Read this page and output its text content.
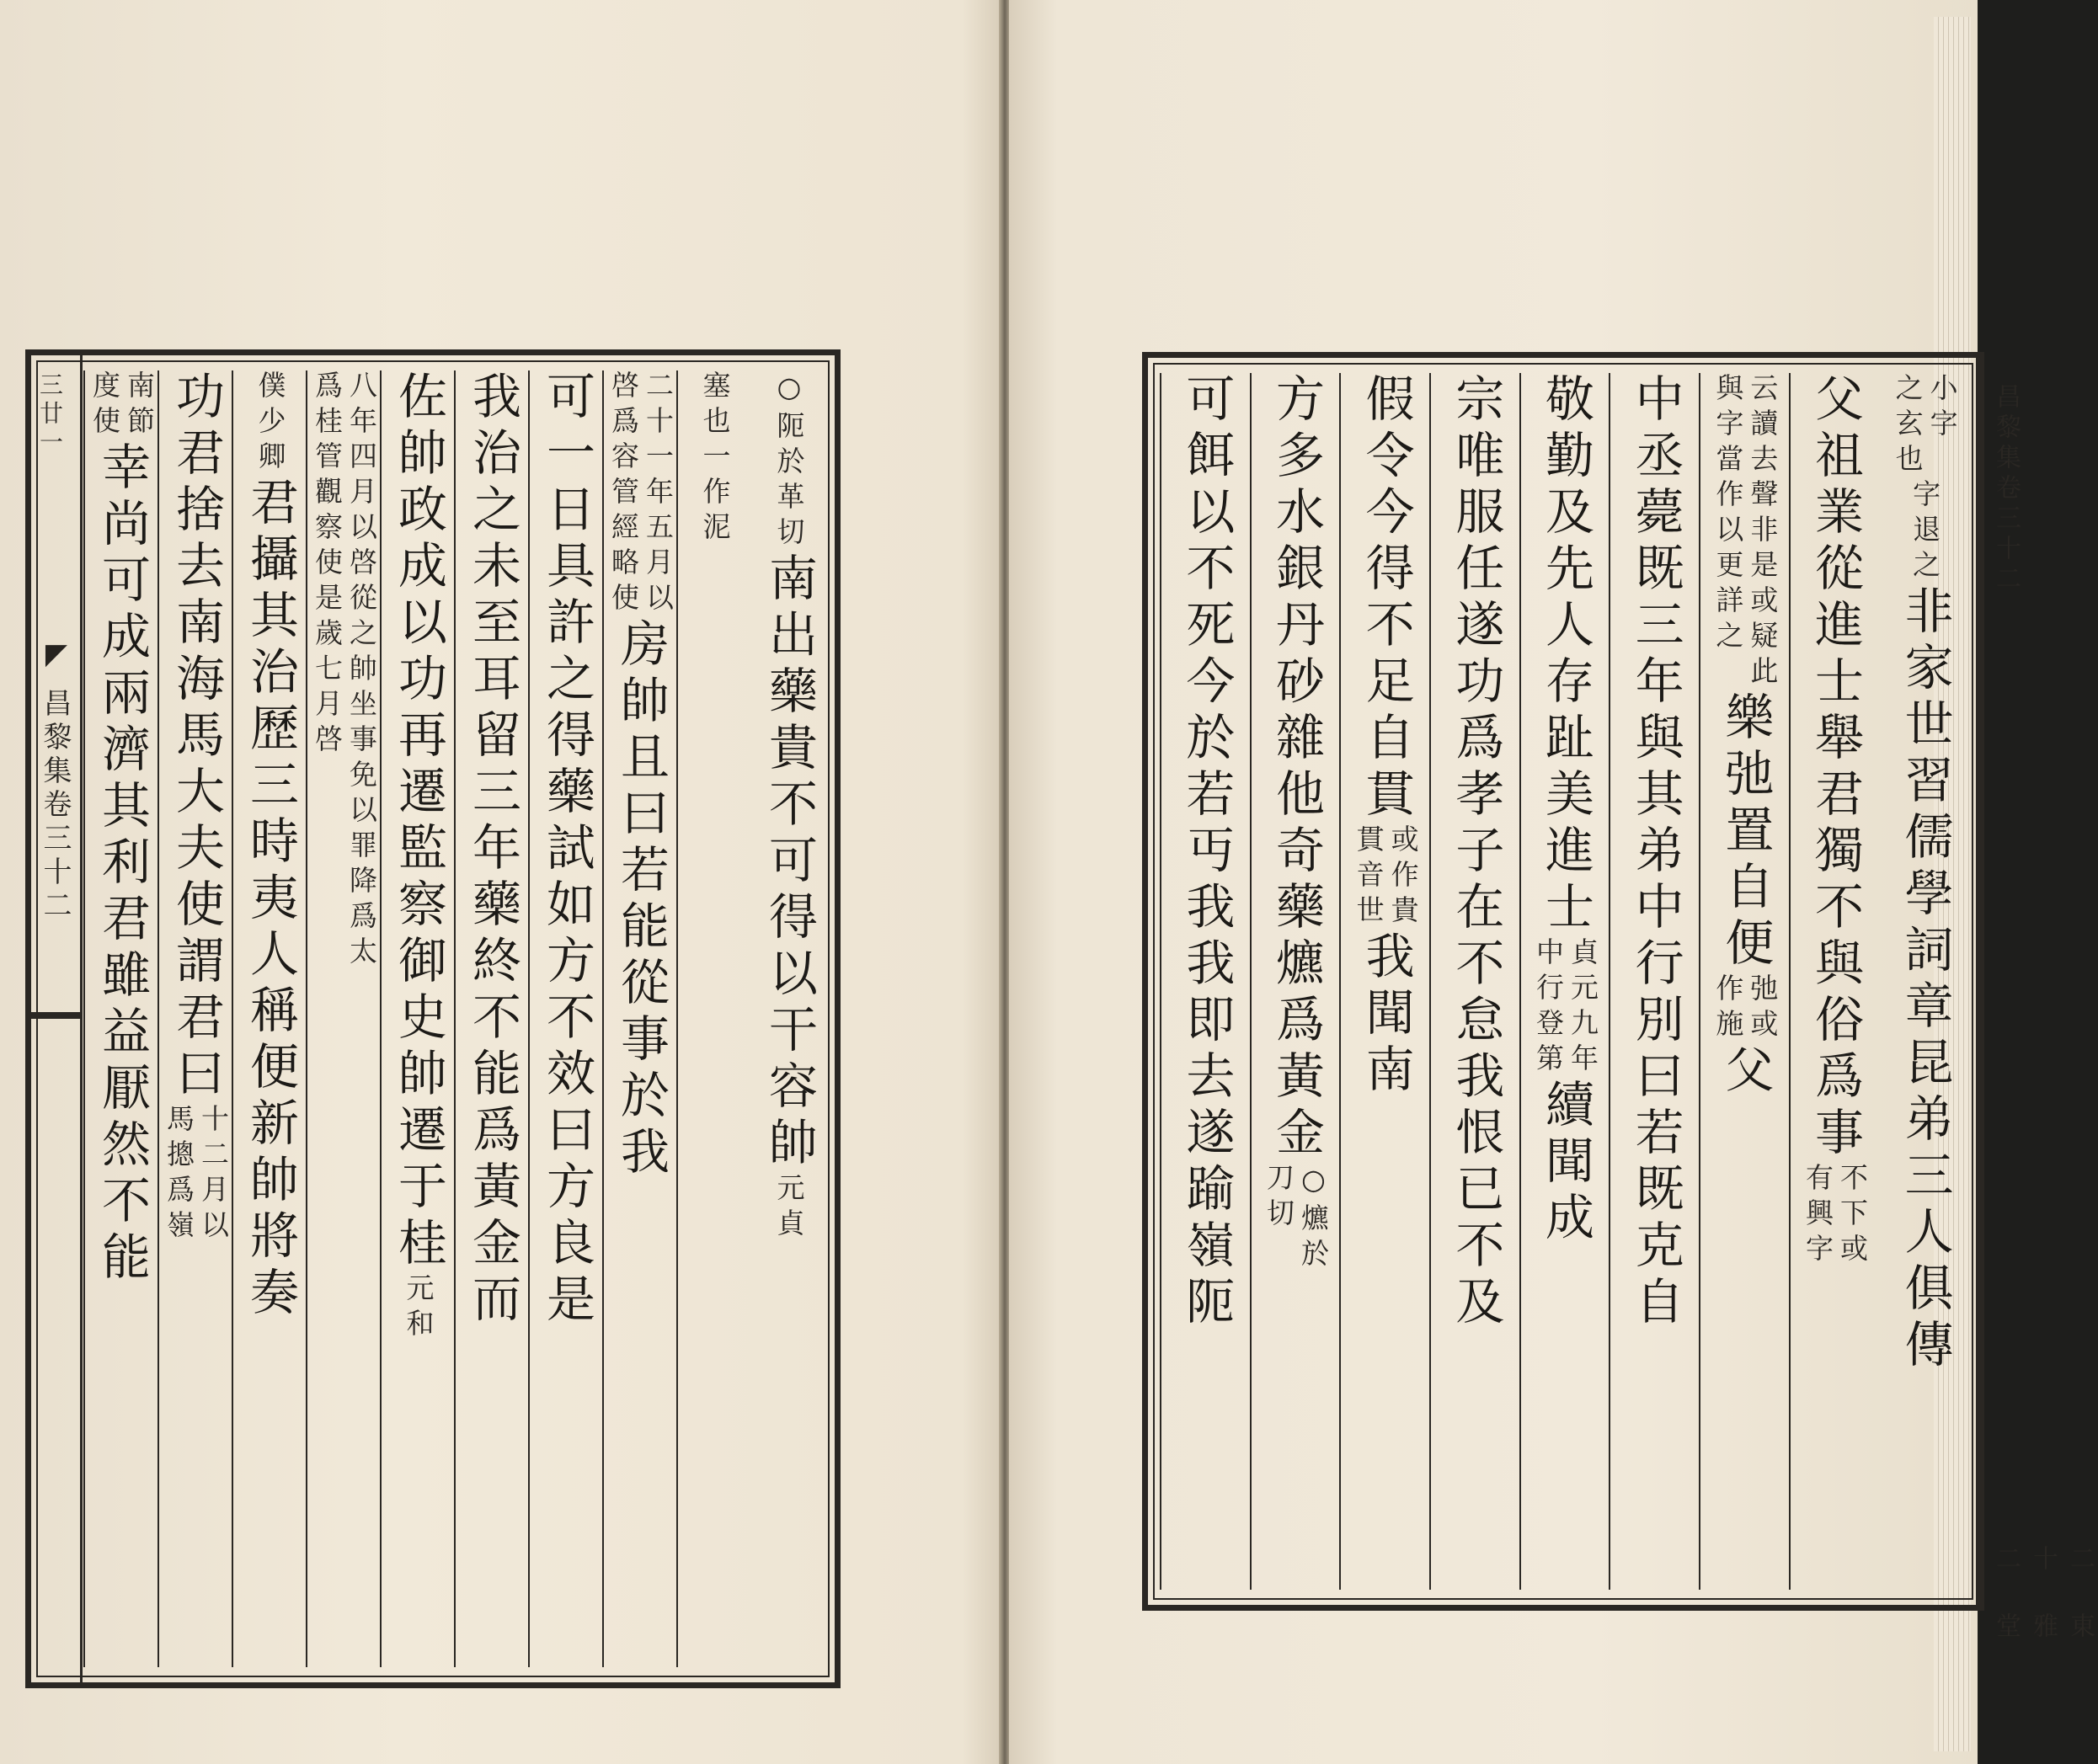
三廿一
◤
昌黎集卷三十二
○阨於革切
南出藥貴不可得以干容帥
元貞
塞也一作泥
二十一年五月以
啓爲容管經略使
房帥且曰若能從事於我
可一日具許之得藥試如方不效曰方良是
我治之未至耳留三年藥終不能爲黃金而
佐帥政成以功再遷監察御史帥遷于桂
元和
八年四月以啓從之帥坐事免以罪降爲太
爲桂管觀察使是歲七月啓
僕少卿
君攝其治歷三時夷人稱便新帥將奏
功君捨去南海馬大夫使謂君曰
十二月以
馬摠爲嶺
南節
度使
幸尚可成兩濟其利君雖益厭然不能	昌黎集卷三十二
二十二
東雅堂
小字
之玄也
字退之
非家世習儒學詞章昆弟三人俱傳
父祖業從進士舉君獨不與俗爲事
不下或
有興字
云讀去聲非是或疑此
與字當作以更詳之
樂弛置自便
弛或
作施
父
中丞薨既三年與其弟中行別曰若既克自
敬勤及先人存趾美進士
貞元九年
中行登第
續聞成
宗唯服任遂功爲孝子在不怠我恨已不及
假令今得不足自貫
或作貴
貫音世
我聞南
方多水銀丹砂雜他奇藥爊爲黃金
○爊於
刀切
可餌以不死今於若丏我我即去遂踰嶺阨
